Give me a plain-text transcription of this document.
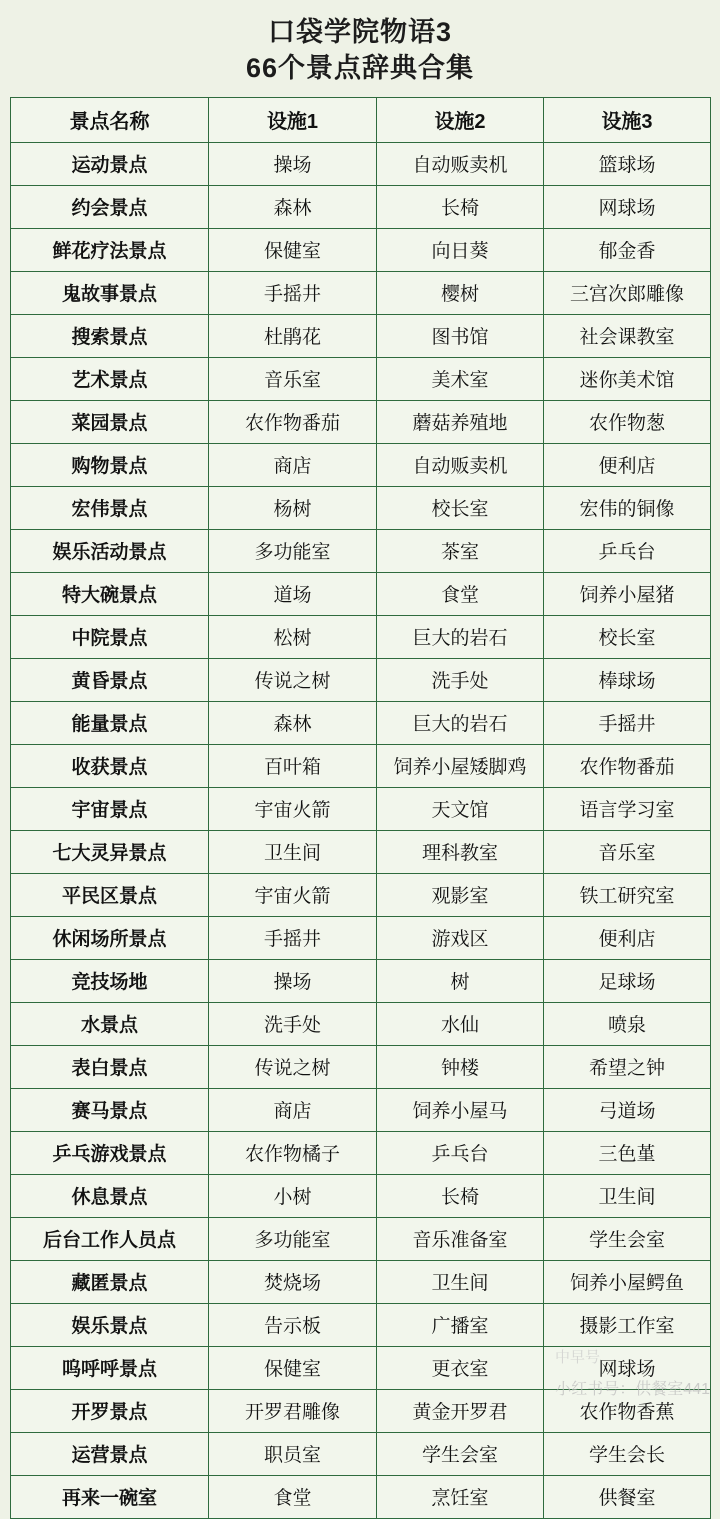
口袋学院物语3
66个景点辞典合集
景点名称	设施1	设施2	设施3
运动景点	操场	自动贩卖机	篮球场
约会景点	森林	长椅	网球场
鲜花疗法景点	保健室	向日葵	郁金香
鬼故事景点	手摇井	樱树	三宫次郎雕像
搜索景点	杜鹃花	图书馆	社会课教室
艺术景点	音乐室	美术室	迷你美术馆
菜园景点	农作物番茄	蘑菇养殖地	农作物葱
购物景点	商店	自动贩卖机	便利店
宏伟景点	杨树	校长室	宏伟的铜像
娱乐活动景点	多功能室	茶室	乒乓台
特大碗景点	道场	食堂	饲养小屋猪
中院景点	松树	巨大的岩石	校长室
黄昏景点	传说之树	洗手处	棒球场
能量景点	森林	巨大的岩石	手摇井
收获景点	百叶箱	饲养小屋矮脚鸡	农作物番茄
宇宙景点	宇宙火箭	天文馆	语言学习室
七大灵异景点	卫生间	理科教室	音乐室
平民区景点	宇宙火箭	观影室	铁工研究室
休闲场所景点	手摇井	游戏区	便利店
竞技场地	操场	树	足球场
水景点	洗手处	水仙	喷泉
表白景点	传说之树	钟楼	希望之钟
赛马景点	商店	饲养小屋马	弓道场
乒乓游戏景点	农作物橘子	乒乓台	三色堇
休息景点	小树	长椅	卫生间
后台工作人员点	多功能室	音乐准备室	学生会室
藏匿景点	焚烧场	卫生间	饲养小屋鳄鱼
娱乐景点	告示板	广播室	摄影工作室
呜呼呼景点	保健室	更衣室	网球场
开罗景点	开罗君雕像	黄金开罗君	农作物香蕉
运营景点	职员室	学生会室	学生会长
再来一碗室	食堂	烹饪室	供餐室
中早号
小红书号：供餐室441
